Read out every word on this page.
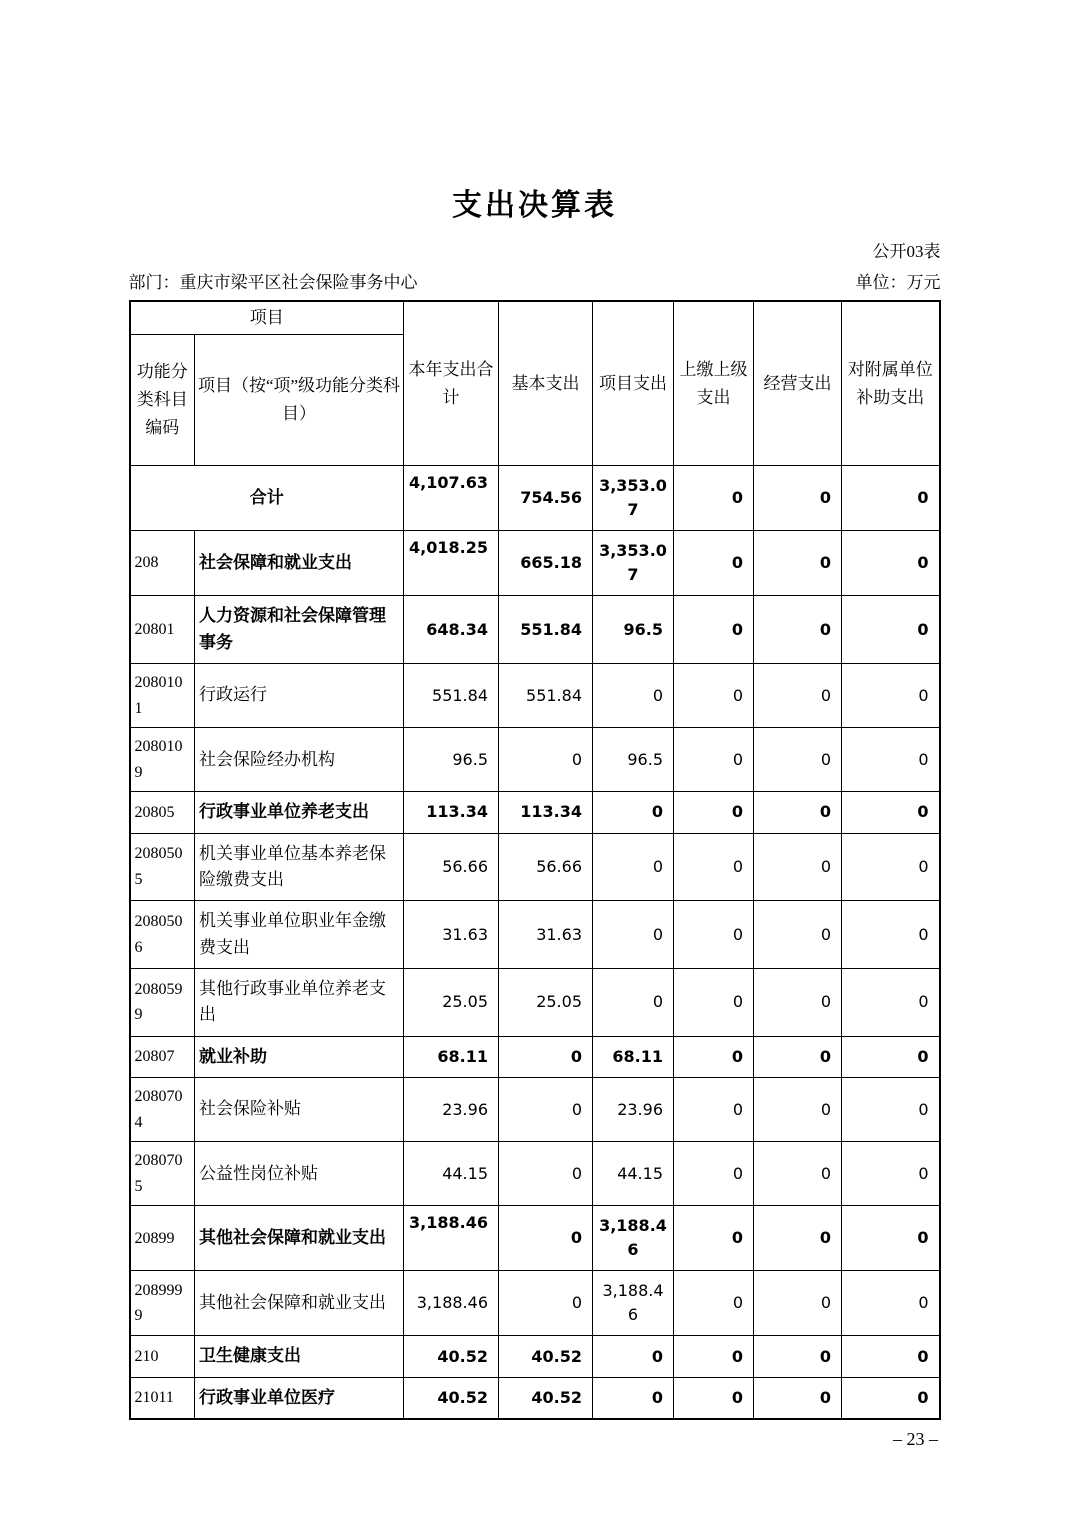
支出决算表
公开03表
部门：重庆市梁平区社会保险事务中心	单位：万元
项目		本年支出合计	基本支出	项目支出	上缴上级支出	经营支出	对附属单位补助支出
功能分类科目编码	项目（按“项”级功能分类科目）						
合计		4,107.63	754.56	3,353.07	0	0	0
208	社会保障和就业支出	4,018.25	665.18	3,353.07	0	0	0
20801	人力资源和社会保障管理事务	648.34	551.84	96.5	0	0	0
2080101	行政运行	551.84	551.84	0	0	0	0
2080109	社会保险经办机构	96.5	0	96.5	0	0	0
20805	行政事业单位养老支出	113.34	113.34	0	0	0	0
2080505	机关事业单位基本养老保险缴费支出	56.66	56.66	0	0	0	0
2080506	机关事业单位职业年金缴费支出	31.63	31.63	0	0	0	0
2080599	其他行政事业单位养老支出	25.05	25.05	0	0	0	0
20807	就业补助	68.11	0	68.11	0	0	0
2080704	社会保险补贴	23.96	0	23.96	0	0	0
2080705	公益性岗位补贴	44.15	0	44.15	0	0	0
20899	其他社会保障和就业支出	3,188.46	0	3,188.46	0	0	0
2089999	其他社会保障和就业支出	3,188.46	0	3,188.46	0	0	0
210	卫生健康支出	40.52	40.52	0	0	0	0
21011	行政事业单位医疗	40.52	40.52	0	0	0	0
– 23 –
